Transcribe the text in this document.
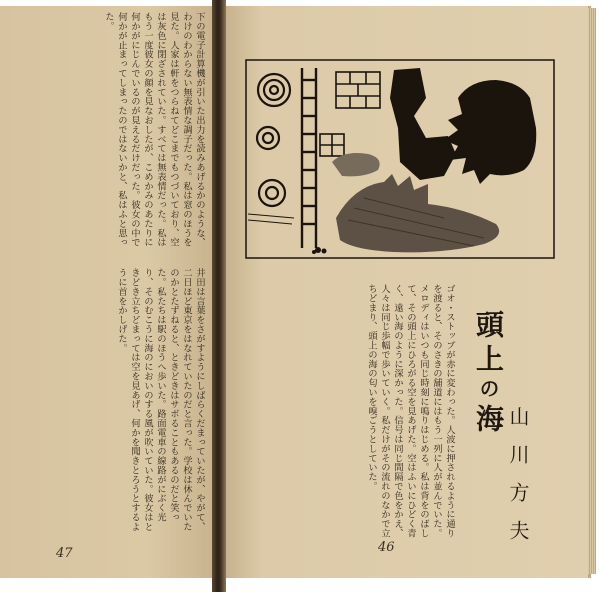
下の電子計算機が引いた出力を読みあげるかのような、わけのわからない無表情な調子だった。私は窓のほうを見た。人家は軒をつらねてどこまでもつづいており、空は灰色に閉ざされていた。すべては無表情だった。私はもう一度彼女の顔を見なおしたが、こめかみのあたりに何かがにじんでいるのが見えるだけだった。彼女の中で何かが止まってしまったのではないかと、私はふと思った。
井田は言葉をさがすようにしばらくだまっていたが、やがて、二日ほど東京をはなれていたのだと言った。学校は休んでいたのかとたずねると、ときどきはサボることもあるのだと笑った。私たちは駅のほうへ歩いた。路面電車の線路がにぶく光り、そのむこうに海のにおいのする風が吹いていた。彼女はときどき立ちどまっては空を見あげ、何かを聞きとろうとするように首をかしげた。
47
頭上の海 山川方夫
ゴオ・ストップが赤に変わった。人波に押されるように通りを渡ると、そのさきの舗道にはもう一列に人が並んでいた。メロディはいつも同じ時刻に鳴りはじめる。私は背をのばして、その頭上にひろがる空を見あげた。空はふいにひどく青く、遠い海のように深かった。信号は同じ間隔で色をかえ、人々は同じ歩幅で歩いていく。私だけがその流れのなかで立ちどまり、頭上の海の匂いを嗅ごうとしていた。
46
